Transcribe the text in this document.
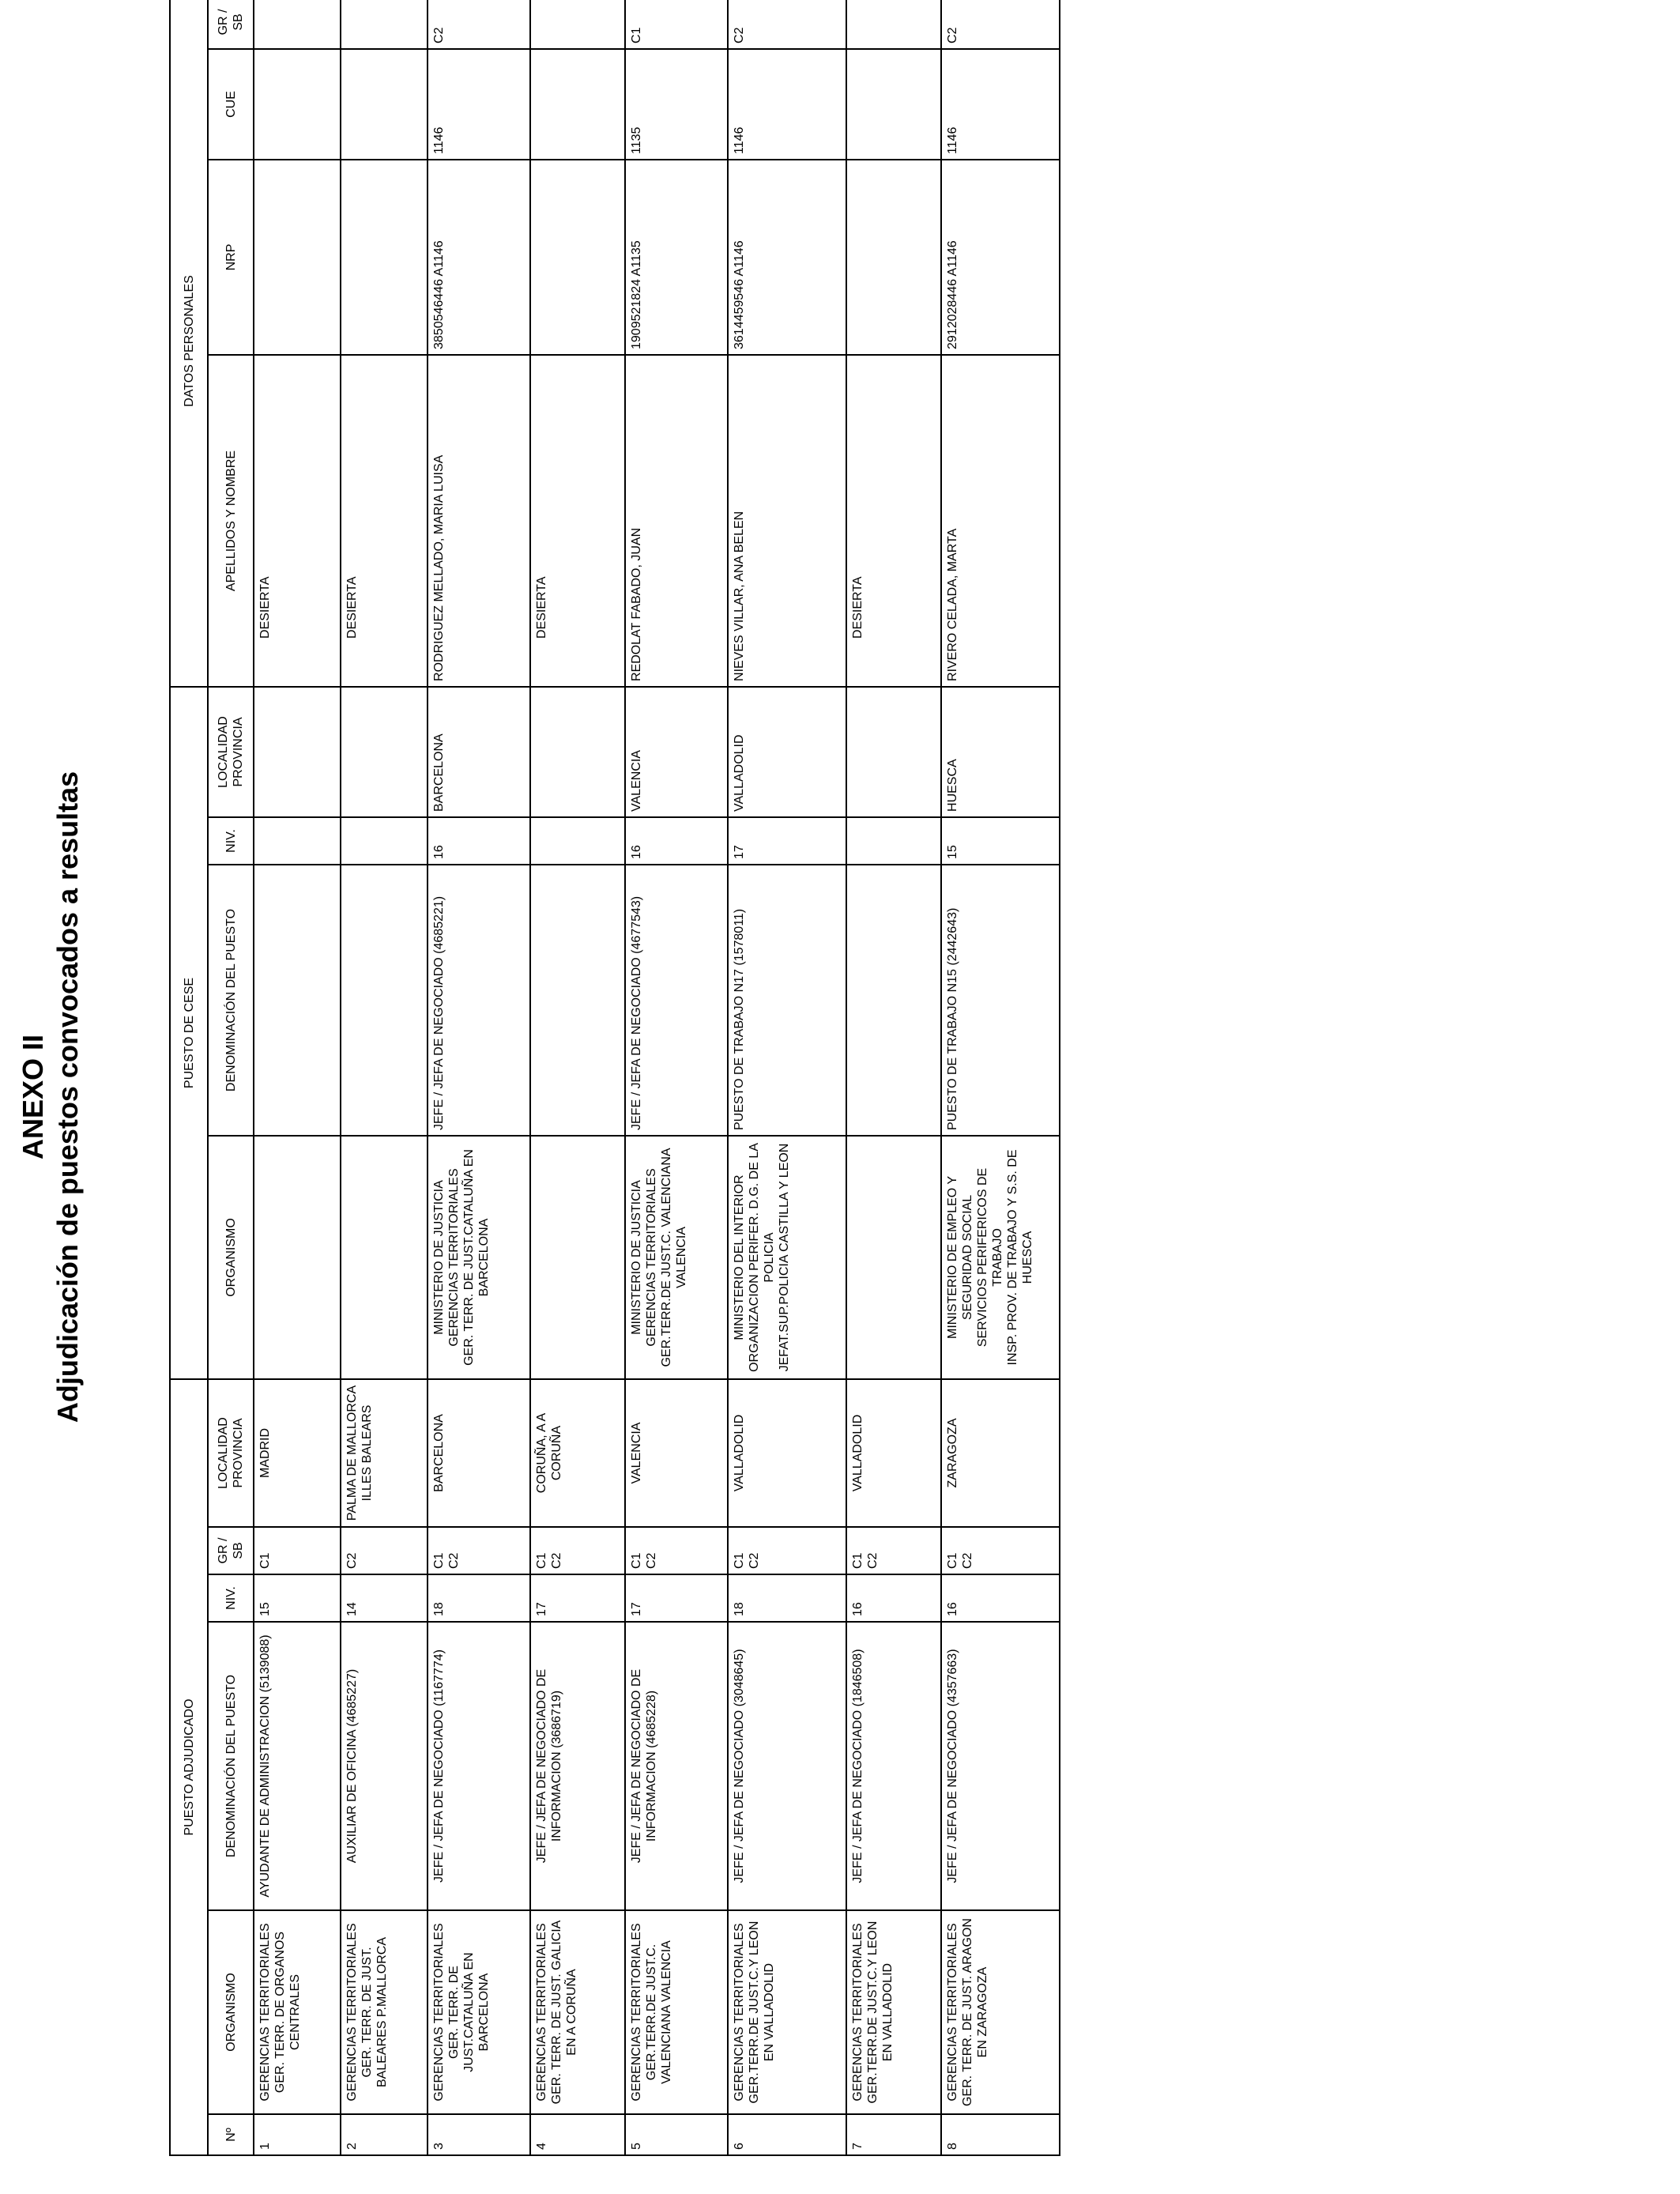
ANEXO II Adjudicación de puestos convocados a resultas
PUESTO ADJUDICADO						PUESTO DE CESE				DATOS PERSONALES			
Nº	ORGANISMO	DENOMINACIÓN DEL PUESTO	NIV.	GR / SB	LOCALIDAD PROVINCIA	ORGANISMO	DENOMINACIÓN DEL PUESTO	NIV.	LOCALIDAD PROVINCIA	APELLIDOS Y NOMBRE	NRP	CUE	GR / SB
1	GERENCIAS TERRITORIALES GER. TERR. DE ORGANOS CENTRALES	AYUDANTE DE ADMINISTRACION (5139088)	15	C1	MADRID					DESIERTA			
2	GERENCIAS TERRITORIALES GER. TERR. DE JUST. BALEARES P.MALLORCA	AUXILIAR DE OFICINA (4685227)	14	C2	PALMA DE MALLORCA ILLES BALEARS					DESIERTA			
3	GERENCIAS TERRITORIALES GER. TERR. DE JUST.CATALUÑA EN BARCELONA	JEFE / JEFA DE NEGOCIADO (1167774)	18	C1 C2	BARCELONA	MINISTERIO DE JUSTICIA GERENCIAS TERRITORIALES GER. TERR. DE JUST.CATALUÑA EN BARCELONA	JEFE / JEFA DE NEGOCIADO (4685221)	16	BARCELONA	RODRIGUEZ MELLADO, MARIA LUISA	3850546446 A1146	1146	C2
4	GERENCIAS TERRITORIALES GER. TERR. DE JUST. GALICIA EN A CORUÑA	JEFE / JEFA DE NEGOCIADO DE INFORMACION (3686719)	17	C1 C2	CORUÑA, A A CORUÑA					DESIERTA			
5	GERENCIAS TERRITORIALES GER.TERR.DE JUST.C. VALENCIANA VALENCIA	JEFE / JEFA DE NEGOCIADO DE INFORMACION (4685228)	17	C1 C2	VALENCIA	MINISTERIO DE JUSTICIA GERENCIAS TERRITORIALES GER.TERR.DE JUST.C. VALENCIANA VALENCIA	JEFE / JEFA DE NEGOCIADO (4677543)	16	VALENCIA	REDOLAT FABADO, JUAN	1909521824 A1135	1135	C1
6	GERENCIAS TERRITORIALES GER.TERR.DE JUST.C.Y LEON EN VALLADOLID	JEFE / JEFA DE NEGOCIADO (3048645)	18	C1 C2	VALLADOLID	MINISTERIO DEL INTERIOR ORGANIZACION PERIFER. D.G. DE LA POLICIA JEFAT.SUP.POLICIA CASTILLA Y LEON	PUESTO DE TRABAJO N17 (1578011)	17	VALLADOLID	NIEVES VILLAR, ANA BELEN	3614459546 A1146	1146	C2
7	GERENCIAS TERRITORIALES GER.TERR.DE JUST.C.Y LEON EN VALLADOLID	JEFE / JEFA DE NEGOCIADO (1846508)	16	C1 C2	VALLADOLID					DESIERTA			
8	GERENCIAS TERRITORIALES GER. TERR. DE JUST. ARAGON EN ZARAGOZA	JEFE / JEFA DE NEGOCIADO (4357663)	16	C1 C2	ZARAGOZA	MINISTERIO DE EMPLEO Y SEGURIDAD SOCIAL SERVICIOS PERIFERICOS DE TRABAJO INSP. PROV. DE TRABAJO Y S.S. DE HUESCA	PUESTO DE TRABAJO N15 (2442643)	15	HUESCA	RIVERO CELADA, MARTA	2912028446 A1146	1146	C2
